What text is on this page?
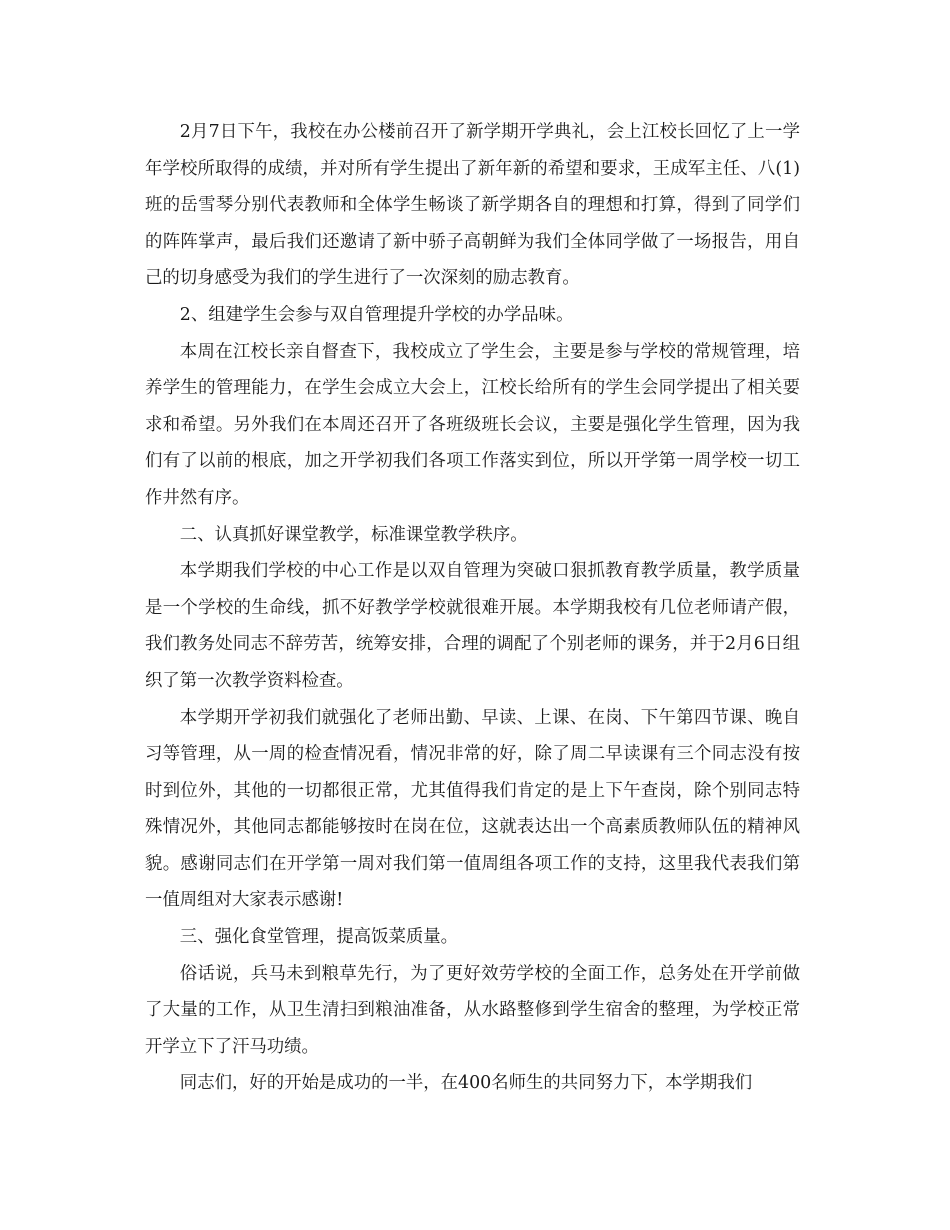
2月7日下午，我校在办公楼前召开了新学期开学典礼，会上江校长回忆了上一学年学校所取得的成绩，并对所有学生提出了新年新的希望和要求，王成军主任、八(1)班的岳雪琴分别代表教师和全体学生畅谈了新学期各自的理想和打算，得到了同学们的阵阵掌声，最后我们还邀请了新中骄子高朝鲜为我们全体同学做了一场报告，用自己的切身感受为我们的学生进行了一次深刻的励志教育。

2、组建学生会参与双自管理提升学校的办学品味。

本周在江校长亲自督查下，我校成立了学生会，主要是参与学校的常规管理，培养学生的管理能力，在学生会成立大会上，江校长给所有的学生会同学提出了相关要求和希望。另外我们在本周还召开了各班级班长会议，主要是强化学生管理，因为我们有了以前的根底，加之开学初我们各项工作落实到位，所以开学第一周学校一切工作井然有序。

二、认真抓好课堂教学，标准课堂教学秩序。

本学期我们学校的中心工作是以双自管理为突破口狠抓教育教学质量，教学质量是一个学校的生命线，抓不好教学学校就很难开展。本学期我校有几位老师请产假，我们教务处同志不辞劳苦，统筹安排，合理的调配了个别老师的课务，并于2月6日组织了第一次教学资料检查。

本学期开学初我们就强化了老师出勤、早读、上课、在岗、下午第四节课、晚自习等管理，从一周的检查情况看，情况非常的好，除了周二早读课有三个同志没有按时到位外，其他的一切都很正常，尤其值得我们肯定的是上下午查岗，除个别同志特殊情况外，其他同志都能够按时在岗在位，这就表达出一个高素质教师队伍的精神风貌。感谢同志们在开学第一周对我们第一值周组各项工作的支持，这里我代表我们第一值周组对大家表示感谢!

三、强化食堂管理，提高饭菜质量。

俗话说，兵马未到粮草先行，为了更好效劳学校的全面工作，总务处在开学前做了大量的工作，从卫生清扫到粮油准备，从水路整修到学生宿舍的整理，为学校正常开学立下了汗马功绩。

同志们，好的开始是成功的一半，在400名师生的共同努力下，本学期我们
